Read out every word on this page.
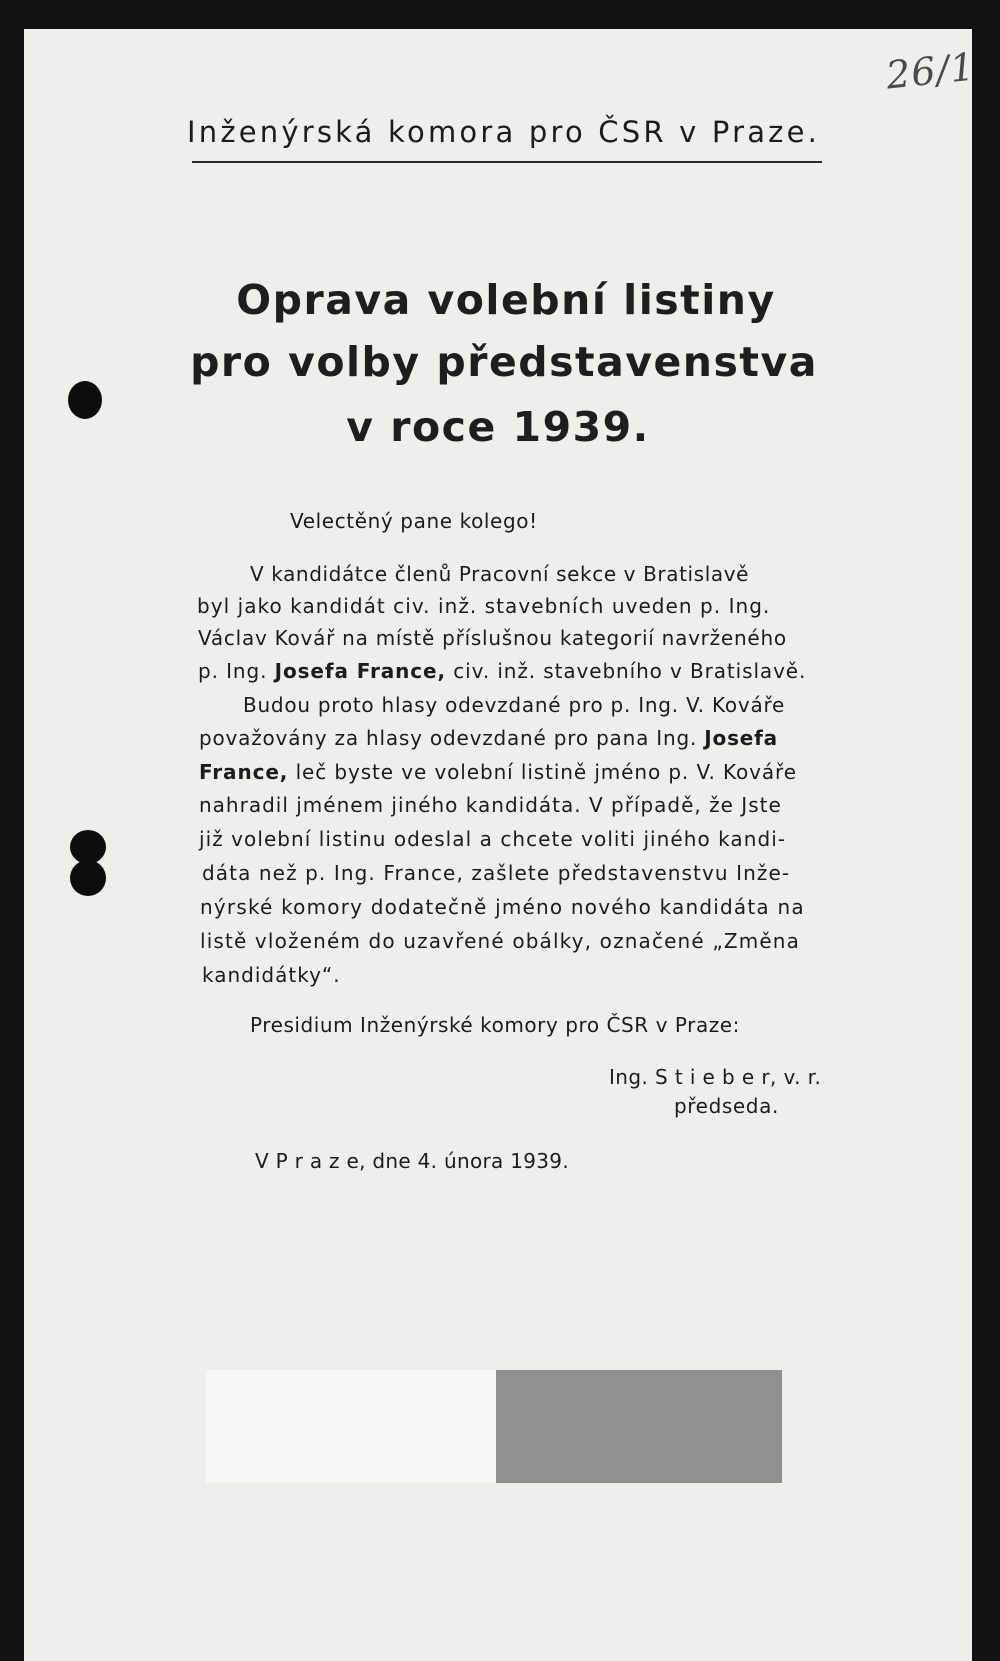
26/1
Inženýrská komora pro ČSR v Praze.
Oprava volební listiny
pro volby představenstva
v roce 1939.
Velectěný pane kolego!
V kandidátce členů Pracovní sekce v Bratislavě
byl jako kandidát civ. inž. stavebních uveden p. Ing.
Václav Kovář na místě příslušnou kategorií navrženého
p. Ing. Josefa France, civ. inž. stavebního v Bratislavě.
Budou proto hlasy odevzdané pro p. Ing. V. Kováře
považovány za hlasy odevzdané pro pana Ing. Josefa
France, leč byste ve volební listině jméno p. V. Kováře
nahradil jménem jiného kandidáta. V případě, že Jste
již volební listinu odeslal a chcete voliti jiného kandi-
dáta než p. Ing. France, zašlete představenstvu Inže-
nýrské komory dodatečně jméno nového kandidáta na
listě vloženém do uzavřené obálky, označené „Změna
kandidátky“.
Presidium Inženýrské komory pro ČSR v Praze:
Ing. S t i e b e r, v. r.
předseda.
V P r a z e, dne 4. února 1939.
